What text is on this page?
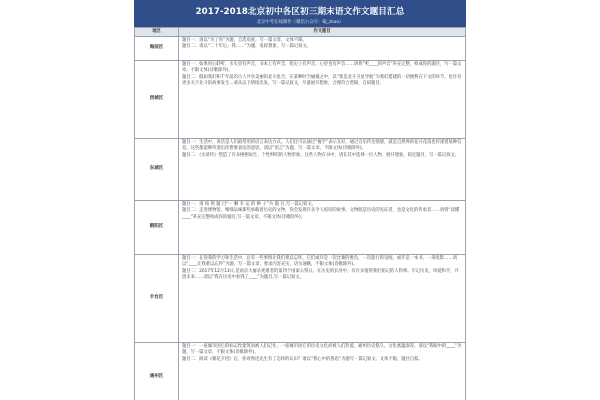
2017-2018北京初中各区初三期末语文作文题目汇总
北京中考在线制作（微信公众号：BJ_zkao）
地区	作文题目
海淀区	题目一：请以“为了你”为题，自选角度，写一篇文章，文体不限。
题目二：请以“二十年后，我……”为题，发挥想象，写一篇记叙文。

西城区	题目一：如果用心聆听，水头里有声音，书本上有声音，指尖上有声音，心里也有声音……请将“听____的声音”补充完整，构成你的题目，写一篇文章。不限文体(诗歌除外)。
题目二：假如我们和千年前的古人共享美丽的北斗星空，在某种时空碰撞之中，以“我是北斗卫星导航”为我们搭建的一切便利在下文的环节，也许有更多关于北斗的故事发生…请从以下情境出发，写一篇记叙文，尽量展开想象，合理符合逻辑，自拟题目。

东城区	题目一：生活中，说话是人们最常用的语言表达方式。人们还可以通过“握手”表示友好，通过音乐传达情感，就是自然界的花开花落也传递着某种信息，这些都能够传递出你想要表达的意思。请以“语言”为题，写一篇文章。不限文体(诗歌除外)。
题目二：《水浒传》塑造了许多栩栩如生、个性鲜明的人物形象。这些人物在书中，请在其中选择一位人物，展开想象，拟定题目，写一篇记叙文。

朝阳区	题目一：请 按 照 题 目“一 颗 幸 运 的 种 子”为 题 目,写一篇记叙文。
题目二：走进博物馆，细细品味那些承载着历史的文物，你会发现许多令人惊叹的故事。文物既是历史的见证者，也是文化的传承者……请将“读懂____”补充完整构成你的题目,写一篇文章。不限文体(诗歌除外)。

丰台区	题目一：在你我的学习和生活中，总有一些事情让我们难以忘怀。它们或许是一次比赛的胜负、一次旅行的见闻，或许是一本书、一部电影……请以“____让我难以忘怀”为题，写一篇文章，要求内容充实，语句通顺，不限文体(诗歌除外)。
题目二：2017年12月13日,是南京大屠杀死难者的第四个国家公祭日。在历史的长河中，有许多值得我们铭记的人和事。牢记历史，珍爱和平，开创未来……请以“我在历史中看到了____”为题目,写一篇记叙文。

通州区	题目一：一座城市因它的标志性建筑而被人们记住，一座城市因它的历史文化而被人们热爱。通州历史悠久，文化底蕴深厚。请以“我眼中的____”为题，写一篇文章，不限文体(诗歌除外)。
题目二：阅读《朝花夕拾》后，你对鲁迅先生有了怎样的认识？请以“我心中的鲁迅”为题写一篇记叙文。文体不限，题目自拟。
